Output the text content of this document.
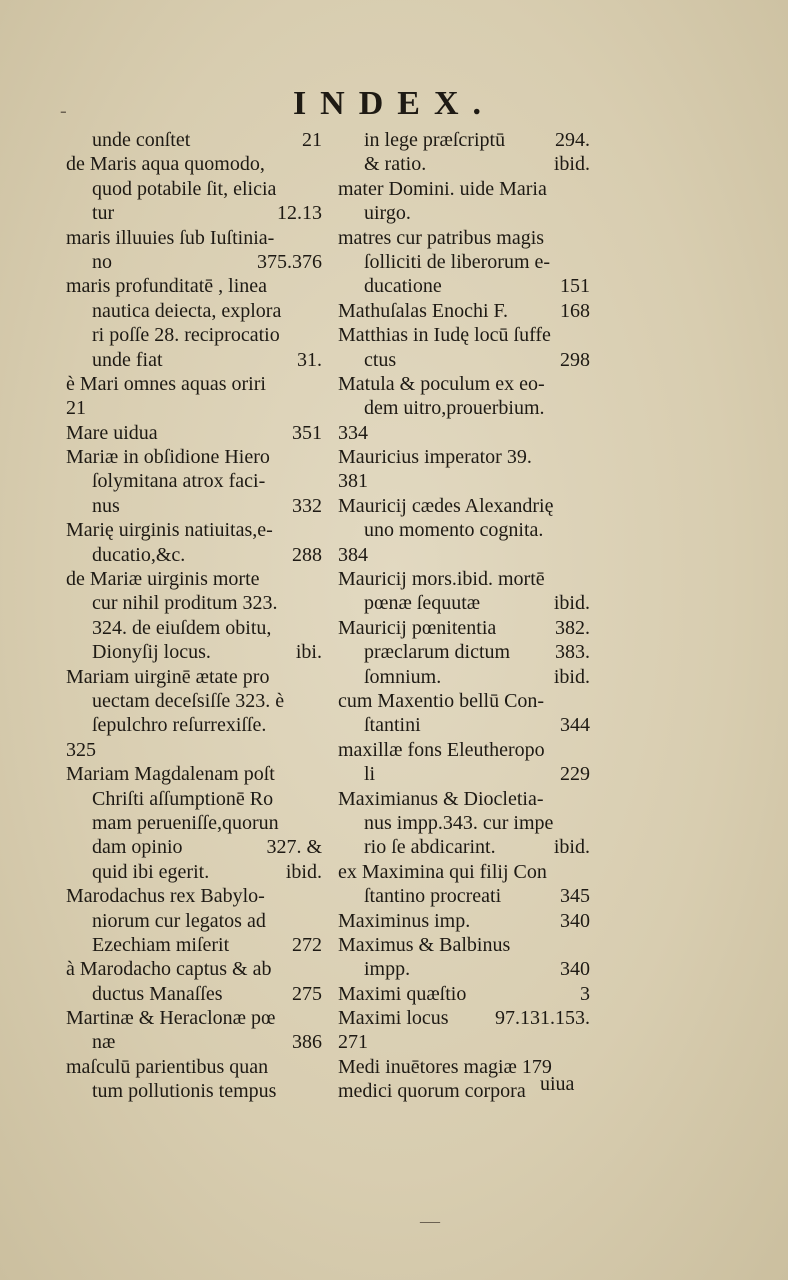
INDEX.
unde conſtet	21
de Maris aqua quomodo,
quod potabile ſit, elicia
tur	12.13
maris illuuies ſub Iuſtinia-
no	375.376
maris profunditatē , linea
nautica deiecta, explora
ri poſſe 28. reciprocatio
unde fiat	31.
è Mari omnes aquas oriri
21
Mare uidua	351
Mariæ in obſidione Hiero
ſolymitana atrox faci-
nus	332
Marię uirginis natiuitas,e-
ducatio,&c.	288
de Mariæ uirginis morte
cur nihil proditum 323.
324. de eiuſdem obitu,
Dionyſij locus.	ibi.
Mariam uirginē ætate pro
uectam deceſsiſſe 323. è
ſepulchro reſurrexiſſe.
325
Mariam Magdalenam poſt
Chriſti aſſumptionē Ro
mam perueniſſe,quorun
dam opinio	327. &
quid ibi egerit.	ibid.
Marodachus rex Babylo-
niorum cur legatos ad
Ezechiam miſerit	272
à Marodacho captus & ab
ductus Manaſſes	275
Martinæ & Heraclonæ pœ
næ	386
maſculū parientibus quan
tum pollutionis tempus
in lege præſcriptū	294.
& ratio.	ibid.
mater Domini. uide Maria
uirgo.
matres cur patribus magis
ſolliciti de liberorum e-
ducatione	151
Mathuſalas Enochi F.	168
Matthias in Iudę locū ſuffe
ctus	298
Matula & poculum ex eo-
dem uitro,prouerbium.
334
Mauricius imperator 39.
381
Mauricij cædes Alexandrię
uno momento cognita.
384
Mauricij mors.ibid. mortē
pœnæ ſequutæ	ibid.
Mauricij pœnitentia	382.
præclarum dictum	383.
ſomnium.	ibid.
cum Maxentio bellū Con-
ſtantini	344
maxillæ fons Eleutheropo
li	229
Maximianus & Diocletia-
nus impp.343. cur impe
rio ſe abdicarint.	ibid.
ex Maximina qui filij Con
ſtantino procreati	345
Maximinus imp.	340
Maximus & Balbinus
impp.	340
Maximi quæſtio	3
Maximi locus	97.131.153.
271
Medi inuētores magiæ 179
medici quorum corpora uiua
-
—
